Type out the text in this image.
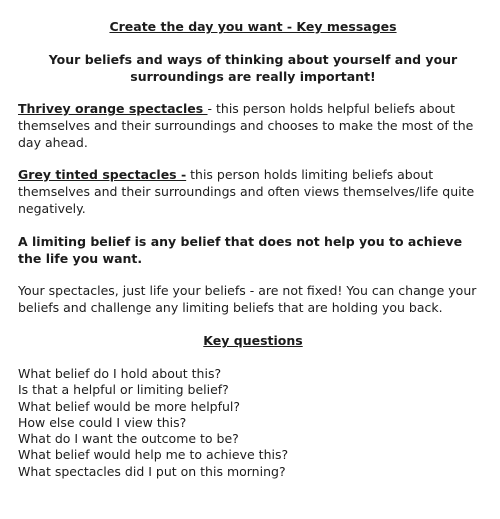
Create the day you want - Key messages
Your beliefs and ways of thinking about yourself and your surroundings are really important!

Thrivey orange spectacles - this person holds helpful beliefs about themselves and their surroundings and chooses to make the most of the day ahead.

Grey tinted spectacles - this person holds limiting beliefs about themselves and their surroundings and often views themselves/life quite negatively.

A limiting belief is any belief that does not help you to achieve the life you want.

Your spectacles, just life your beliefs - are not fixed! You can change your beliefs and challenge any limiting beliefs that are holding you back.

Key questions
What belief do I hold about this?
Is that a helpful or limiting belief?
What belief would be more helpful?
How else could I view this?
What do I want the outcome to be?
What belief would help me to achieve this?
What spectacles did I put on this morning?
